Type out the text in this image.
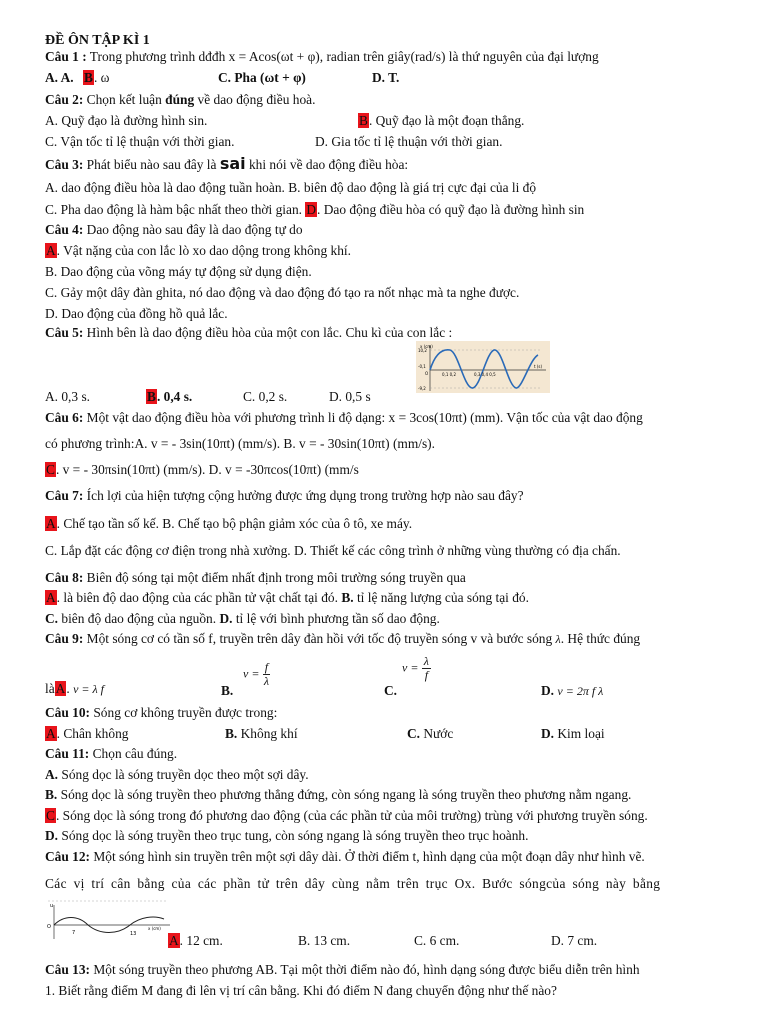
ĐỀ ÔN TẬP KÌ 1
Câu 1 : Trong phương trình dđđh x = Acos(ωt + φ), radian trên giây(rad/s) là thứ nguyên của đại lượng
A. A. B. ω	C. Pha (ωt + φ)	D. T.
Câu 2: Chọn kết luận đúng về dao động điều hoà.
A. Quỹ đạo là đường hình sin.	B. Quỹ đạo là một đoạn thẳng.
C. Vận tốc tỉ lệ thuận với thời gian.	D. Gia tốc tỉ lệ thuận với thời gian.
Câu 3: Phát biểu nào sau đây là sai khi nói về dao động điều hòa:
A. dao động điều hòa là dao động tuần hoàn. B. biên độ dao động là giá trị cực đại của li độ
C. Pha dao động là hàm bậc nhất theo thời gian. D. Dao động điều hòa có quỹ đạo là đường hình sin
Câu 4: Dao động nào sau đây là dao động tự do
A. Vật nặng của con lắc lò xo dao dộng trong không khí.
B. Dao động của võng máy tự động sử dụng điện.
C. Gảy một dây đàn ghita, nó dao động và dao động đó tạo ra nốt nhạc mà ta nghe được.
D. Dao động của đồng hồ quả lắc.
Câu 5: Hình bên là dao động điều hòa của một con lắc. Chu kì của con lắc :
x (cm)
10,2
-0,1
-9,2
0,1 0,2	0,3 0,4 0,5
t (s)
O
A. 0,3 s.	B. 0,4 s.	C. 0,2 s.	D. 0,5 s
Câu 6: Một vật dao động điều hòa với phương trình li độ dạng: x = 3cos(10πt) (mm). Vận tốc của vật dao động
có phương trình:A. v = - 3sin(10πt) (mm/s). B. v = - 30sin(10πt) (mm/s).
C. v = - 30πsin(10πt) (mm/s). D. v = -30πcos(10πt) (mm/s
Câu 7: Ích lợi của hiện tượng cộng hưởng được ứng dụng trong trường hợp nào sau đây?
A. Chế tạo tần số kế. B. Chế tạo bộ phận giảm xóc của ô tô, xe máy.
C. Lắp đặt các động cơ điện trong nhà xưởng. D. Thiết kế các công trình ở những vùng thường có địa chấn.
Câu 8: Biên độ sóng tại một điểm nhất định trong môi trường sóng truyền qua
A. là biên độ dao động của các phần tử vật chất tại đó. B. tỉ lệ năng lượng của sóng tại đó.
C. biên độ dao động của nguồn. D. tỉ lệ với bình phương tần số dao động.
Câu 9: Một sóng cơ có tần số f, truyền trên dây đàn hồi với tốc độ truyền sóng v và bước sóng λ. Hệ thức đúng
làA. v = λ f	B.
$v = \frac{f}{\lambda}$
C.
$v = \frac{\lambda}{f}$
D. v = 2π f λ
Câu 10: Sóng cơ không truyền được trong:
A. Chân không	B. Không khí	C. Nước	D. Kim loại
Câu 11: Chọn câu đúng.
A. Sóng dọc là sóng truyền dọc theo một sợi dây.
B. Sóng dọc là sóng truyền theo phương thẳng đứng, còn sóng ngang là sóng truyền theo phương nằm ngang.
C. Sóng dọc là sóng trong đó phương dao động (của các phần tử của môi trường) trùng với phương truyền sóng.
D. Sóng dọc là sóng truyền theo trục tung, còn sóng ngang là sóng truyền theo trục hoành.
Câu 12: Một sóng hình sin truyền trên một sợi dây dài. Ở thời điểm t, hình dạng của một đoạn dây như hình vẽ.
Các vị trí cân bằng của các phần tử trên dây cùng nằm trên trục Ox. Bước sóngcủa sóng này bằng
u
O
7	13
x (cm)
A. 12 cm.	B. 13 cm.	C. 6 cm.	D. 7 cm.
Câu 13: Một sóng truyền theo phương AB. Tại một thời điểm nào đó, hình dạng sóng được biểu diễn trên hình
1. Biết rằng điểm M đang đi lên vị trí cân bằng. Khi đó điểm N đang chuyển động như thế nào?
